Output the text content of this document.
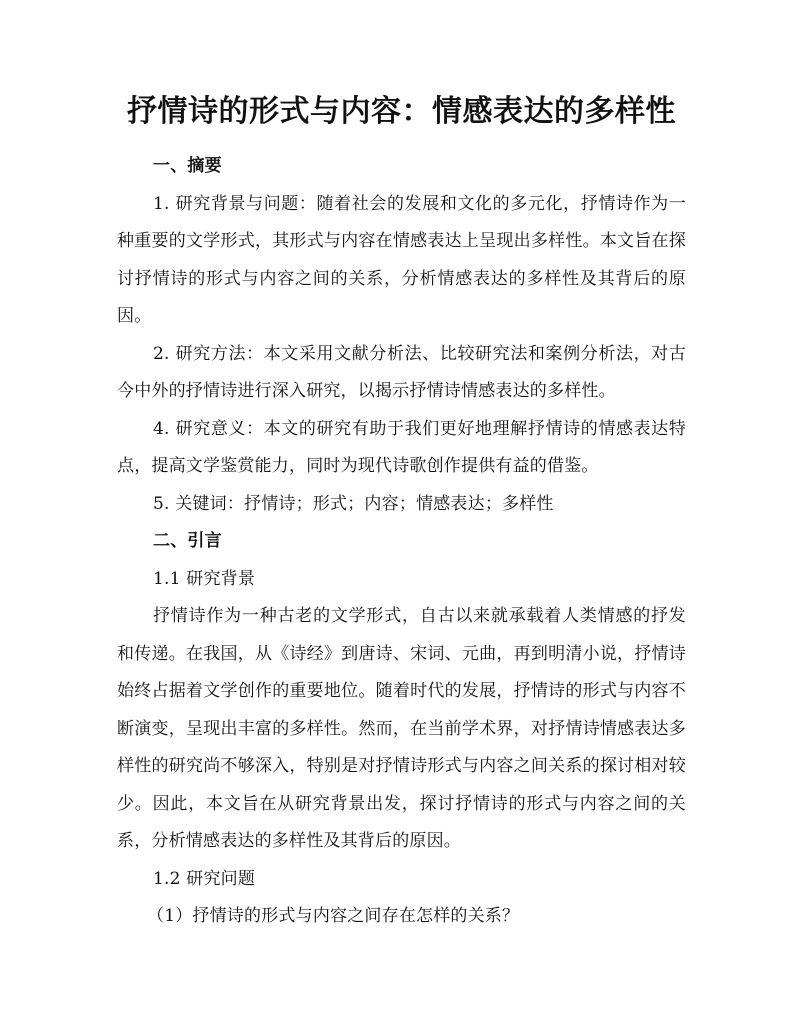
抒情诗的形式与内容：情感表达的多样性

一、摘要

1. 研究背景与问题：随着社会的发展和文化的多元化，抒情诗作为一种重要的文学形式，其形式与内容在情感表达上呈现出多样性。本文旨在探讨抒情诗的形式与内容之间的关系，分析情感表达的多样性及其背后的原因。

2. 研究方法：本文采用文献分析法、比较研究法和案例分析法，对古今中外的抒情诗进行深入研究，以揭示抒情诗情感表达的多样性。

4. 研究意义：本文的研究有助于我们更好地理解抒情诗的情感表达特点，提高文学鉴赏能力，同时为现代诗歌创作提供有益的借鉴。

5. 关键词：抒情诗；形式；内容；情感表达；多样性

二、引言

1.1 研究背景

抒情诗作为一种古老的文学形式，自古以来就承载着人类情感的抒发和传递。在我国，从《诗经》到唐诗、宋词、元曲，再到明清小说，抒情诗始终占据着文学创作的重要地位。随着时代的发展，抒情诗的形式与内容不断演变，呈现出丰富的多样性。然而，在当前学术界，对抒情诗情感表达多样性的研究尚不够深入，特别是对抒情诗形式与内容之间关系的探讨相对较少。因此，本文旨在从研究背景出发，探讨抒情诗的形式与内容之间的关系，分析情感表达的多样性及其背后的原因。

1.2 研究问题

（1）抒情诗的形式与内容之间存在怎样的关系？
